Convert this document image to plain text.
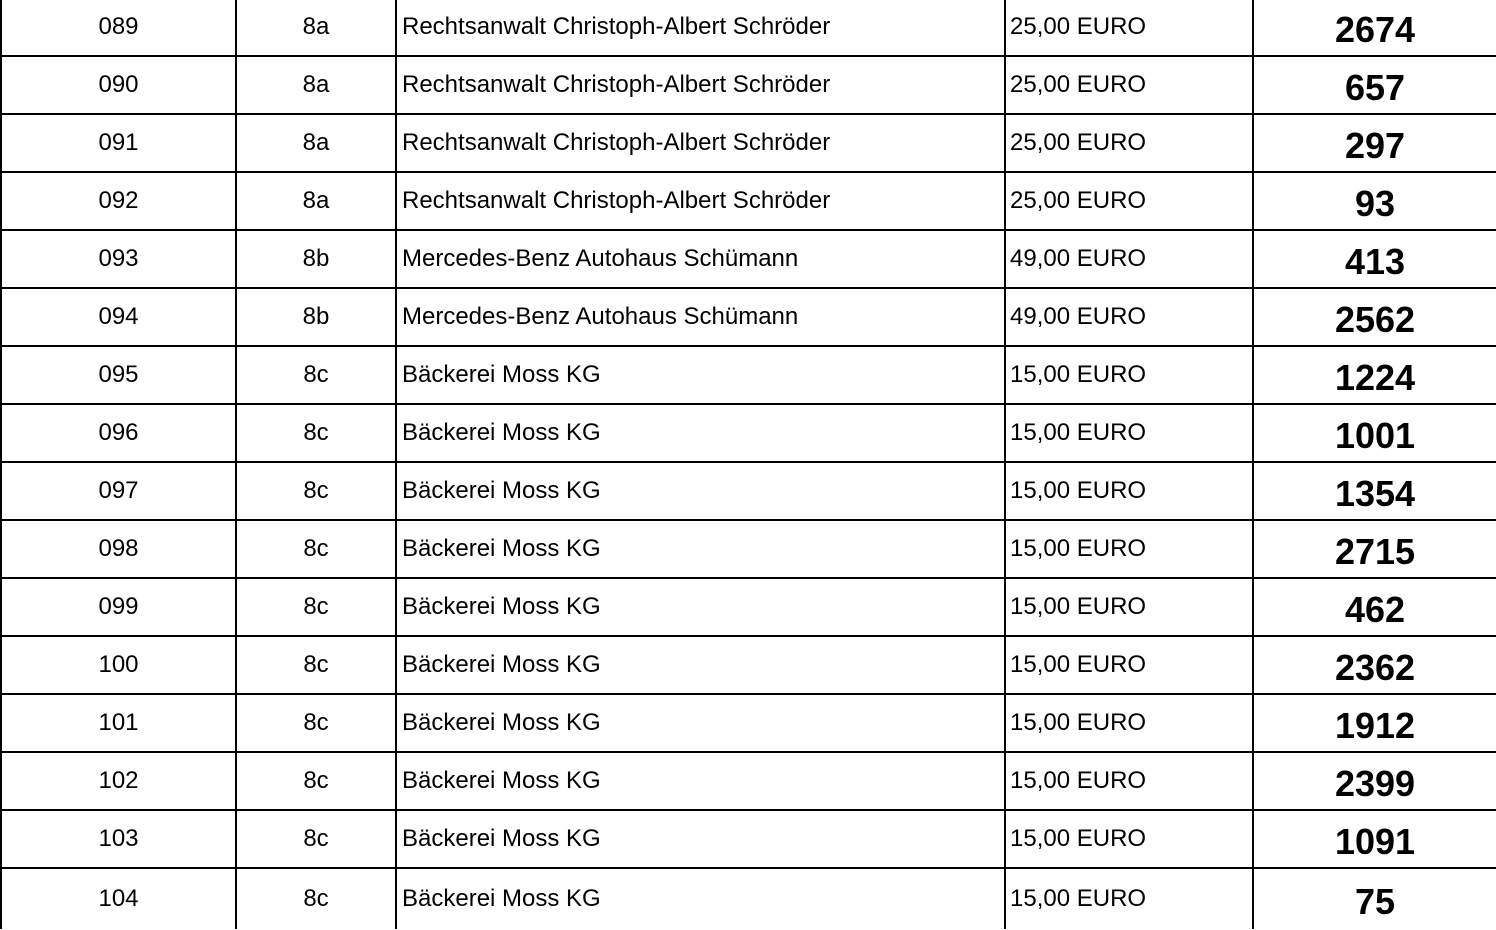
089	8a	Rechtsanwalt Christoph-Albert Schröder	25,00 EURO	2674
090	8a	Rechtsanwalt Christoph-Albert Schröder	25,00 EURO	657
091	8a	Rechtsanwalt Christoph-Albert Schröder	25,00 EURO	297
092	8a	Rechtsanwalt Christoph-Albert Schröder	25,00 EURO	93
093	8b	Mercedes-Benz Autohaus Schümann	49,00 EURO	413
094	8b	Mercedes-Benz Autohaus Schümann	49,00 EURO	2562
095	8c	Bäckerei Moss KG	15,00 EURO	1224
096	8c	Bäckerei Moss KG	15,00 EURO	1001
097	8c	Bäckerei Moss KG	15,00 EURO	1354
098	8c	Bäckerei Moss KG	15,00 EURO	2715
099	8c	Bäckerei Moss KG	15,00 EURO	462
100	8c	Bäckerei Moss KG	15,00 EURO	2362
101	8c	Bäckerei Moss KG	15,00 EURO	1912
102	8c	Bäckerei Moss KG	15,00 EURO	2399
103	8c	Bäckerei Moss KG	15,00 EURO	1091
104	8c	Bäckerei Moss KG	15,00 EURO	75
